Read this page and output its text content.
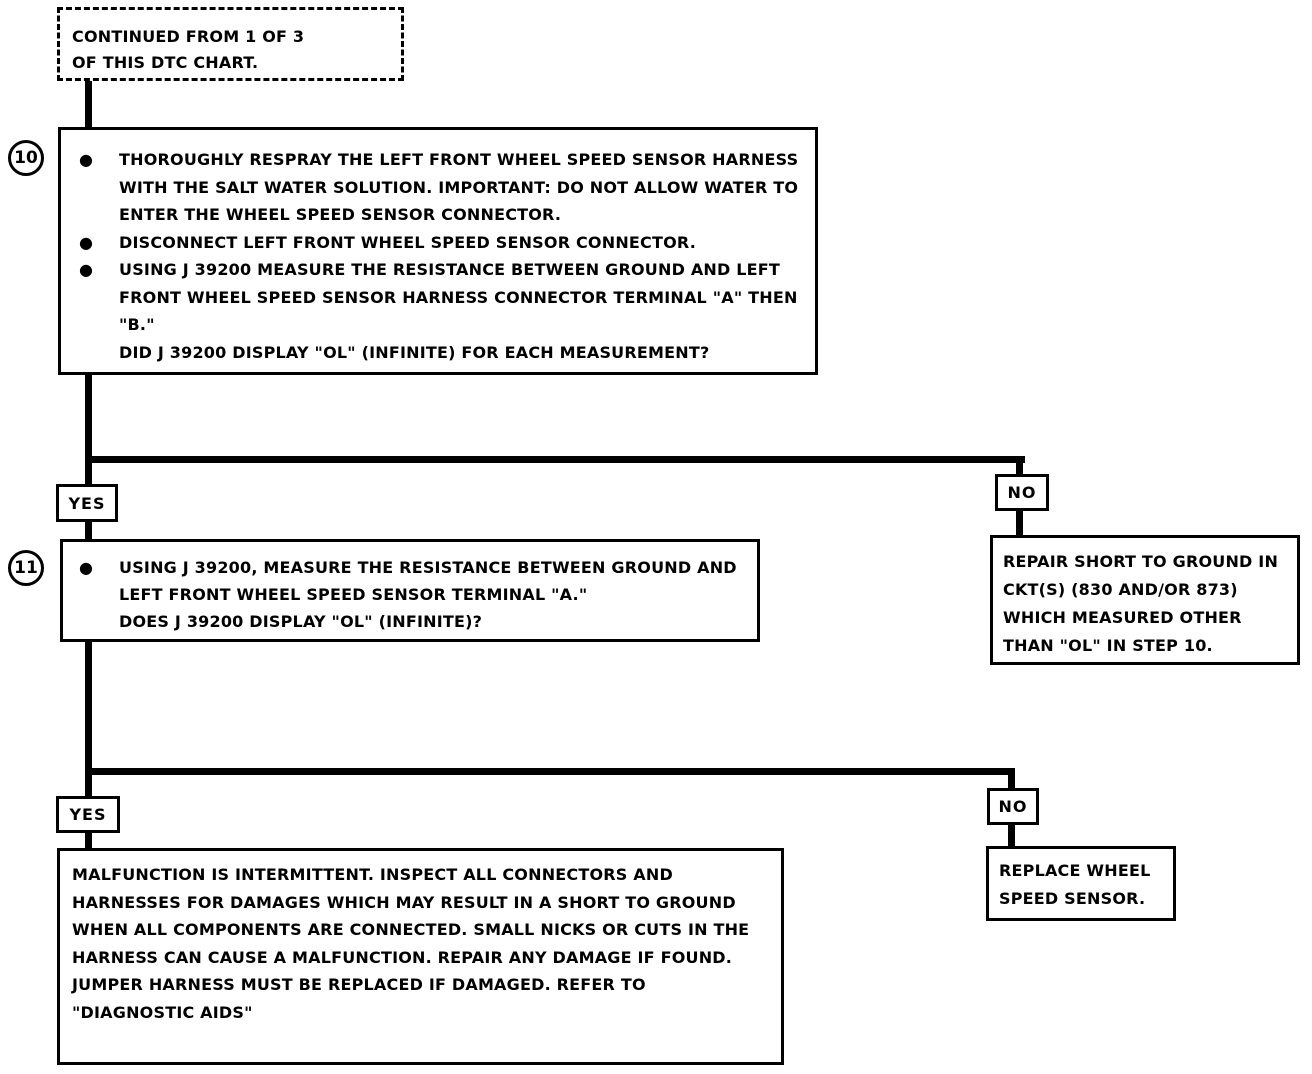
CONTINUED FROM 1 OF 3
OF THIS DTC CHART.
10	● THOROUGHLY RESPRAY THE LEFT FRONT WHEEL SPEED SENSOR HARNESS WITH THE SALT WATER SOLUTION. IMPORTANT: DO NOT ALLOW WATER TO ENTER THE WHEEL SPEED SENSOR CONNECTOR.
● DISCONNECT LEFT FRONT WHEEL SPEED SENSOR CONNECTOR.
● USING J 39200 MEASURE THE RESISTANCE BETWEEN GROUND AND LEFT FRONT WHEEL SPEED SENSOR HARNESS CONNECTOR TERMINAL "A" THEN "B."
DID J 39200 DISPLAY "OL" (INFINITE) FOR EACH MEASUREMENT?
YES
NO
11	● USING J 39200, MEASURE THE RESISTANCE BETWEEN GROUND AND LEFT FRONT WHEEL SPEED SENSOR TERMINAL "A."
DOES J 39200 DISPLAY "OL" (INFINITE)?
REPAIR SHORT TO GROUND IN CKT(S) (830 AND/OR 873) WHICH MEASURED OTHER THAN "OL" IN STEP 10.
YES	NO
MALFUNCTION IS INTERMITTENT. INSPECT ALL CONNECTORS AND HARNESSES FOR DAMAGES WHICH MAY RESULT IN A SHORT TO GROUND WHEN ALL COMPONENTS ARE CONNECTED. SMALL NICKS OR CUTS IN THE HARNESS CAN CAUSE A MALFUNCTION. REPAIR ANY DAMAGE IF FOUND. JUMPER HARNESS MUST BE REPLACED IF DAMAGED. REFER TO "DIAGNOSTIC AIDS"
REPLACE WHEEL SPEED SENSOR.
